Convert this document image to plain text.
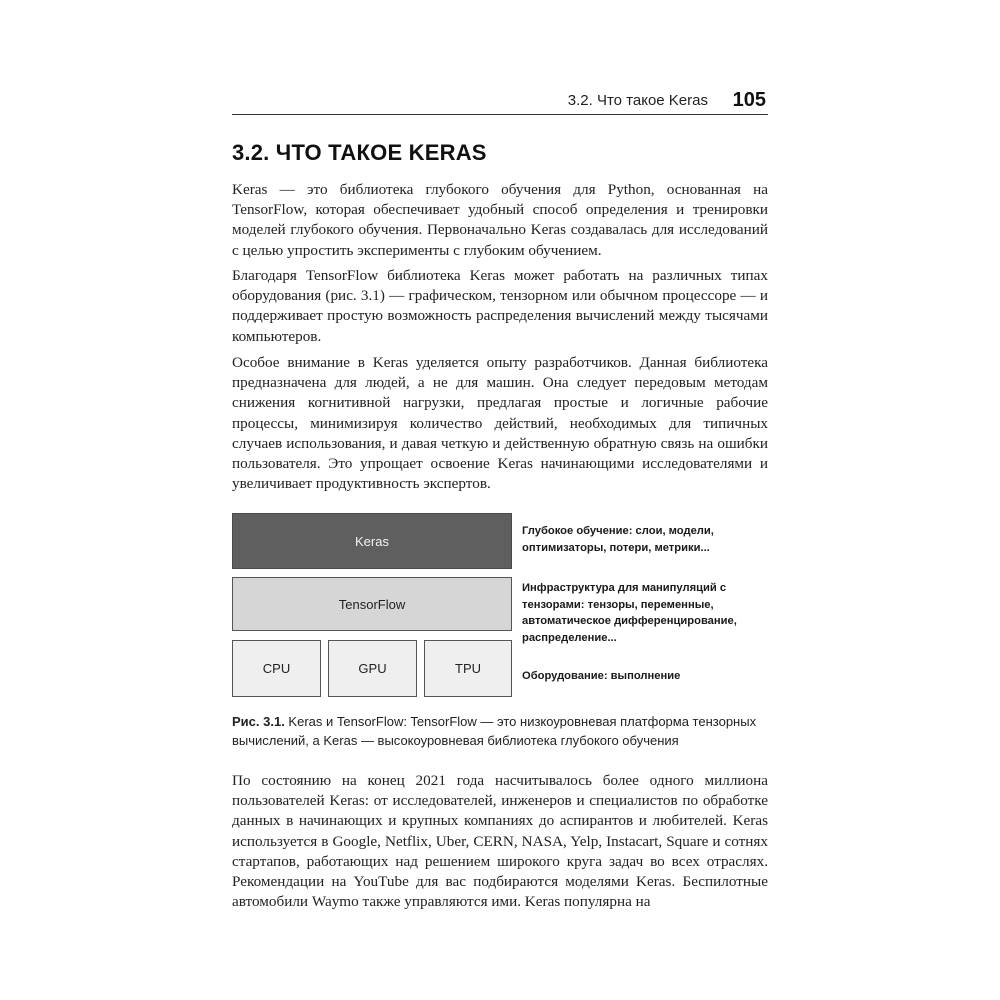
3.2. Что такое Keras 105
3.2. ЧТО ТАКОЕ KERAS

Keras — это библиотека глубокого обучения для Python, основанная на TensorFlow, которая обеспечивает удобный способ определения и тренировки моделей глубокого обучения. Первоначально Keras создавалась для исследований с целью упростить эксперименты с глубоким обучением.

Благодаря TensorFlow библиотека Keras может работать на различных типах оборудования (рис. 3.1) — графическом, тензорном или обычном процессоре — и поддерживает простую возможность распределения вычислений между тысячами компьютеров.

Особое внимание в Keras уделяется опыту разработчиков. Данная библиотека предназначена для людей, а не для машин. Она следует передовым методам снижения когнитивной нагрузки, предлагая простые и логичные рабочие процессы, минимизируя количество действий, необходимых для типичных случаев использования, и давая четкую и действенную обратную связь на ошибки пользователя. Это упрощает освоение Keras начинающими исследователями и увеличивает продуктивность экспертов.

Keras
TensorFlow
CPU	GPU	TPU

Глубокое обучение: слои, модели, оптимизаторы, потери, метрики...

Инфраструктура для манипуляций с тензорами: тензоры, переменные, автоматическое дифференцирование, распределение...

Оборудование: выполнение

Рис. 3.1. Keras и TensorFlow: TensorFlow — это низкоуровневая платформа тензорных вычислений, а Keras — высокоуровневая библиотека глубокого обучения

По состоянию на конец 2021 года насчитывалось более одного миллиона пользователей Keras: от исследователей, инженеров и специалистов по обработке данных в начинающих и крупных компаниях до аспирантов и любителей. Keras используется в Google, Netflix, Uber, CERN, NASA, Yelp, Instacart, Square и сотнях стартапов, работающих над решением широкого круга задач во всех отраслях. Рекомендации на YouTube для вас подбираются моделями Keras. Беспилотные автомобили Waymo также управляются ими. Keras популярна на
